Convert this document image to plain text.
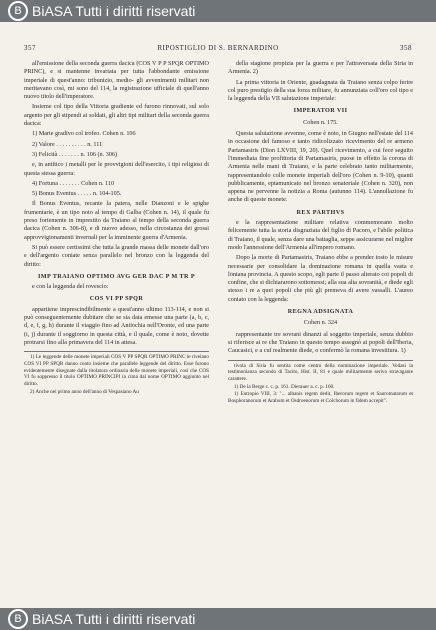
B BiASA Tutti i diritti riservati
357	RIPOSTIGLIO DI S. BERNARDINO	358

all'emissione della seconda guerra dacica (COS V P P SPQR OPTIMO PRINC), e si mantenne invariata per tutta l'abbondante emissione imperiale di quest'anno: tribunizio, medio- gli avvenimenti militari non meritavano così, mi sono del 114, la registrazione ufficiale di quell'anno nuovo titolo dell'imperatore.

Insieme col tipo della Vittoria gradiente ed furono rinnovati, sul solo argento per gli stipendi ai soldati, gli altri tipi militari della seconda guerra dacica:

1) Marte gradivo col trofeo. Cohen n. 106

2) Valore . . . . . . . . . . n. 111

3) Felicità . . . . . . . n. 106 (n. 306)

e, in antitico i metalli per le provvigioni dell'esercito, i tipi religiosi di questa stessa guerra:

4) Fortuna . . . . . . . Cohen n. 110

5) Bonus Eventus . . . . . n. 104-105.

Il Bonus Eventus, recante la patera, nelle Dianzoni e le spighe frumentarie, è un tipo noto al tempo di Galba (Cohen n. 14), il quale fu preso fortemente in imprestito da Traiano al tempo della seconda guerra dacica (Cohen n. 306-8), e di nuovo adesso, nella circostanza dei grossi approvvigionamenti invernali per la imminente guerra d'Armenia.

Si può essere certissimi che tutta la grande massa delle monete dall'oro e dell'argento coniate senza parallelo nel bronzo con la leggenda del diritto:

IMP TRAIANO OPTIMO AVG GER DAC P M TR P

e con la leggenda del rovescio:

COS VI PP SPQR

appartiene imprescindibilmente a quest'anno ultimo 113-114, e non si può conseguentemente dubitare che se sia data emesse una parte (a, b, c, d, e, f, g, h) durante il viaggio fino ad Antiochia nell'Oronte, ed una parte (i, j) durante il soggiorno in questa città, e il quale, come è noto, dovette protrarsi fino alla primavera del 114 in attesa.

1) Le leggende delle monete imperiali COS V PP SPQR OPTIMO PRINC le rivelano COS VI PP SPQR danno conto insieme che parallele leggende del diritto. Esse furono evidentemente disegnate dalla titolatura ordinaria delle monete imperiali, così che COS VI fu soppresso il titolo OPTIMO PRINCIPI in cima dal nome OPTIMO aggiunto nel diritto.

2) Anche nei primo anno dell'anno di Vespasiano Au

della stagione propizia per la guerra e per l'attraversata della Siria in Armenia. 2)

La prima vittoria in Oriente, guadagnata da Traiano senza colpo ferire col puro prestigio della sua forza militare, fu annunziata coll'oro col tipo e la leggenda della VII salutazione imperiale:

IMPERATOR VII

Cohen n. 175.

Questa salutazione avvenne, come è noto, in Giugno nell'estate del 114 in occasione del famoso e tanto ridicolizzato ricevimento del re armeno Partamasiris (Dion LXVIII, 19, 20). Quel ricevimento, a cui fece seguito l'immediata fine profittoria di Partamasiris, puose in effetto la corona di Armenia nelle mani di Traiano, e la parte celebrato tanto militarmente, rappresentandolo colle monete imperiali dell'oro (Cohen n. 9-10), quanti pubblicamente, eptamunicato nel bronzo senatoriale (Cohen n. 320), non appena ne pervenne la notizia a Roma (autunno 114). L'annullazione fu anche di queste monete.

REX PARTHVS

e la rappresentazione militare relativa commemorano molto felicemente tutta la storia disgraziata del figlio di Pacoro, e l'abile politica di Traiano, il quale, senza dare una battaglia, seppe assicurarne nel miglior modo l'annessione dell'Armenia all'impero romano.

Dopo la morte di Partamasiris, Traiano ebbe a prender tosto le misure necessarie per consolidare la dominazione romana in quella vasta e lontana provincia. A questo scopo, egli parte il passo alterato coi popoli di confine, che si dichiararono sottomessi; alla sua alta sovranità, e diede egli stesso i re a quei popoli che più gli premeva di avere vassalli. L'aureo coniato con la leggenda:

REGNA ADSIGNATA

Cohen n. 324

rappresentante tre sovrani dinanzi al soggetto imperiale, senza dubbio si riferisce ai re che Traiano in questo tempo assegnò ai popoli dell'Iberia, Caucasici, e a cui realmente diede, o confermò la romana investitura. 1)

tivola di Siria fu sentita come centro della nominazione imperiale. Vedasi la testimonianza secondo di Tacito, Hist. II, 81 e quale militarmente serivo stravagante carattere.

1) De la Berge c. c. p. 161. Dierauer a. c. p. 160.

1) Eutropio VIII, 3: "... albanis regem dedit, Iberorum regem et Sauromatarum et Bosphoranorum et Arabum et Osdroenorum et Colchorum in fidem accepit".

B BiASA Tutti i diritti riservati
